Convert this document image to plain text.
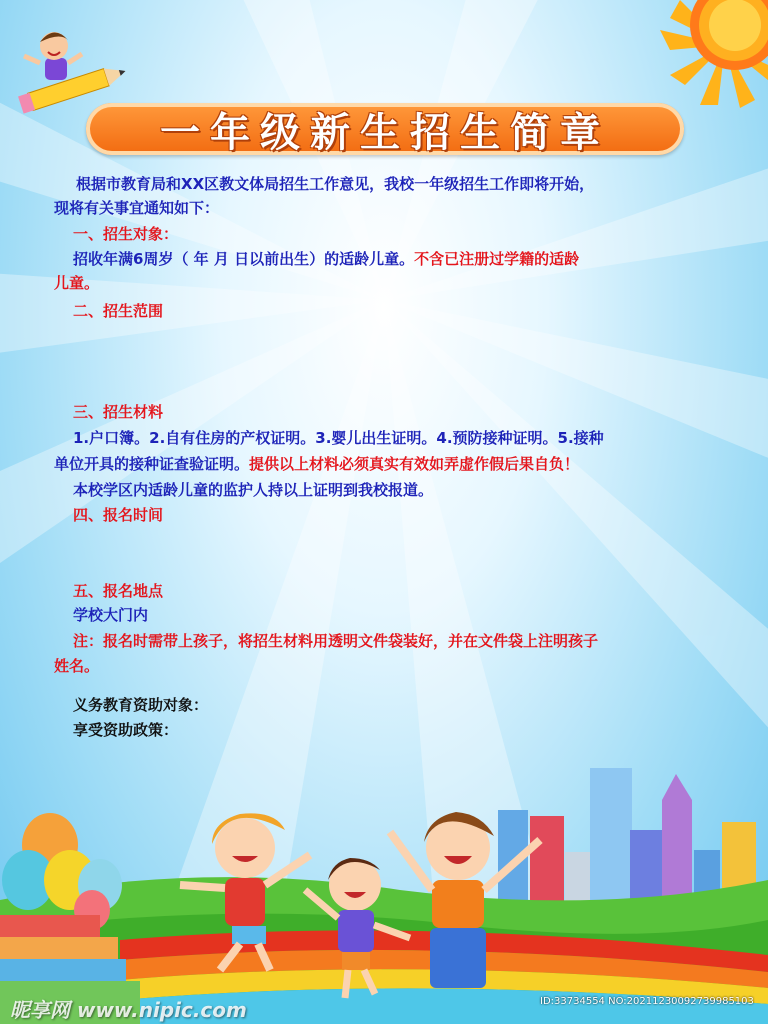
一年级新生招生简章
根据市教育局和XX区教文体局招生工作意见，我校一年级招生工作即将开始，
现将有关事宜通知如下：
一、招生对象：
招收年满6周岁（ 年 月 日以前出生）的适龄儿童。不含已注册过学籍的适龄
儿童。
二、招生范围
三、招生材料
1.户口簿。2.自有住房的产权证明。3.婴儿出生证明。4.预防接种证明。5.接种
单位开具的接种证查验证明。提供以上材料必须真实有效如弄虚作假后果自负！
本校学区内适龄儿童的监护人持以上证明到我校报道。
四、报名时间
五、报名地点
学校大门内
注：报名时需带上孩子，将招生材料用透明文件袋装好，并在文件袋上注明孩子
姓名。
义务教育资助对象：
享受资助政策：
昵享网 www.nipic.com	ID:33734554 NO:20211230092739985103
